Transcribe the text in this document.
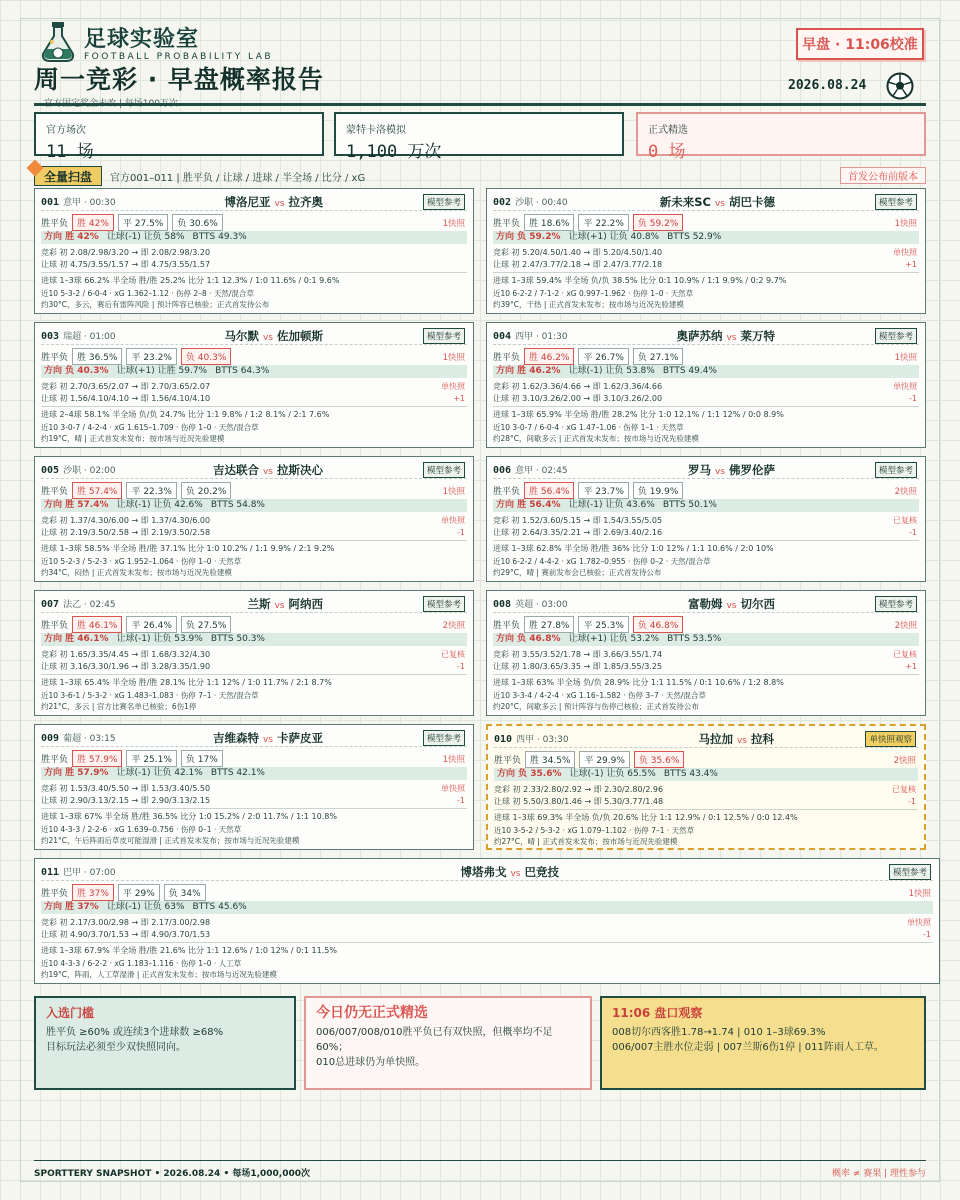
足球实验室
FOOTBALL PROBABILITY LAB
周一竞彩 · 早盘概率报告
早盘 · 11:06校准
2026.08.24
官方场次
11 场
蒙特卡洛模拟
1,100 万次
正式精选
0 场
全量扫盘 官方001–011 | 胜平负 / 让球 / 进球 / 半全场 / 比分 / xG	首发公布前版本
001 意甲 · 00:30	博洛尼亚 vs 拉齐奥	模型参考
胜平负	胜 42%	平 27.5%	负 30.6%	1快照
方向 胜 42% 让球(-1) 让负 58% BTTS 49.3%
竞彩 初 2.08/2.98/3.20 → 即 2.08/2.98/3.20
让球 初 4.75/3.55/1.57 → 即 4.75/3.55/1.57
进球 1–3球 66.2% 半全场 胜/胜 25.2% 比分 1:1 12.3% / 1:0 11.6% / 0:1 9.6%
近10 5-3-2 / 6-0-4 · xG 1.362–1.12 · 伤停 2–8 · 天然/混合草
约30°C，多云，赛后有雷阵风险 | 预计阵容已核验；正式首发待公布
002 沙职 · 00:40	新未来SC vs 胡巴卡德	模型参考
胜平负	胜 18.6%	平 22.2%	负 59.2%	1快照
方向 负 59.2% 让球(+1) 让负 40.8% BTTS 52.9%
竞彩 初 5.20/4.50/1.40 → 即 5.20/4.50/1.40
让球 初 2.47/3.77/2.18 → 即 2.47/3.77/2.18
单快照
+1
进球 1–3球 59.4% 半全场 负/负 38.5% 比分 0:1 10.9% / 1:1 9.9% / 0:2 9.7%
近10 6-2-2 / 7-1-2 · xG 0.997–1.962 · 伤停 1–0 · 天然草
约39°C，干热 | 正式首发未发布；按市场与近况先验建模
003 瑞超 · 01:00	马尔默 vs 佐加顿斯	模型参考
胜平负	胜 36.5%	平 23.2%	负 40.3%	1快照
方向 负 40.3% 让球(+1) 让胜 59.7% BTTS 64.3%
竞彩 初 2.70/3.65/2.07 → 即 2.70/3.65/2.07
让球 初 1.56/4.10/4.10 → 即 1.56/4.10/4.10
单快照
+1
进球 2–4球 58.1% 半全场 负/负 24.7% 比分 1:1 9.8% / 1:2 8.1% / 2:1 7.6%
近10 3-0-7 / 4-2-4 · xG 1.615–1.709 · 伤停 1–0 · 天然/混合草
约19°C，晴 | 正式首发未发布；按市场与近况先验建模
004 西甲 · 01:30	奥萨苏纳 vs 莱万特	模型参考
胜平负	胜 46.2%	平 26.7%	负 27.1%	1快照
方向 胜 46.2% 让球(-1) 让负 53.8% BTTS 49.4%
竞彩 初 1.62/3.36/4.66 → 即 1.62/3.36/4.66
让球 初 3.10/3.26/2.00 → 即 3.10/3.26/2.00
单快照
-1
进球 1–3球 65.9% 半全场 胜/胜 28.2% 比分 1:0 12.1% / 1:1 12% / 0:0 8.9%
近10 3-0-7 / 6-0-4 · xG 1.47–1.06 · 伤停 1–1 · 天然草
约28°C，间歇多云 | 正式首发未发布；按市场与近况先验建模
005 沙职 · 02:00	吉达联合 vs 拉斯决心	模型参考
胜平负	胜 57.4%	平 22.3%	负 20.2%	1快照
方向 胜 57.4% 让球(-1) 让负 42.6% BTTS 54.8%
竞彩 初 1.37/4.30/6.00 → 即 1.37/4.30/6.00
让球 初 2.19/3.50/2.58 → 即 2.19/3.50/2.58
单快照
-1
进球 1–3球 58.5% 半全场 胜/胜 37.1% 比分 1:0 10.2% / 1:1 9.9% / 2:1 9.2%
近10 5-2-3 / 5-2-3 · xG 1.952–1.064 · 伤停 1–0 · 天然草
约34°C，闷热 | 正式首发未发布；按市场与近况先验建模
006 意甲 · 02:45	罗马 vs 佛罗伦萨	模型参考
胜平负	胜 56.4%	平 23.7%	负 19.9%	2快照
方向 胜 56.4% 让球(-1) 让负 43.6% BTTS 50.1%
竞彩 初 1.52/3.60/5.15 → 即 1.54/3.55/5.05
让球 初 2.64/3.35/2.21 → 即 2.69/3.40/2.16
已复核
-1
进球 1–3球 62.8% 半全场 胜/胜 36% 比分 1:0 12% / 1:1 10.6% / 2:0 10%
近10 6-2-2 / 4-4-2 · xG 1.782–0.955 · 伤停 0–2 · 天然/混合草
约29°C，晴 | 赛前发布会已核验；正式首发待公布
007 法乙 · 02:45	兰斯 vs 阿纳西	模型参考
胜平负	胜 46.1%	平 26.4%	负 27.5%	2快照
方向 胜 46.1% 让球(-1) 让负 53.9% BTTS 50.3%
竞彩 初 1.65/3.35/4.45 → 即 1.68/3.32/4.30
让球 初 3.16/3.30/1.96 → 即 3.28/3.35/1.90
已复核
-1
进球 1–3球 65.4% 半全场 胜/胜 28.1% 比分 1:1 12% / 1:0 11.7% / 2:1 8.7%
近10 3-6-1 / 5-3-2 · xG 1.483–1.083 · 伤停 7–1 · 天然/混合草
约21°C，多云 | 官方比赛名单已核验；6伤1停
008 英超 · 03:00	富勒姆 vs 切尔西	模型参考
胜平负	胜 27.8%	平 25.3%	负 46.8%	2快照
方向 负 46.8% 让球(+1) 让负 53.2% BTTS 53.5%
竞彩 初 3.55/3.52/1.78 → 即 3.66/3.55/1.74
让球 初 1.80/3.65/3.35 → 即 1.85/3.55/3.25
已复核
+1
进球 1–3球 63% 半全场 负/负 28.9% 比分 1:1 11.5% / 0:1 10.6% / 1:2 8.8%
近10 3-3-4 / 4-2-4 · xG 1.16–1.582 · 伤停 3–7 · 天然/混合草
约20°C，间歇多云 | 预计阵容与伤停已核验；正式首发待公布
009 葡超 · 03:15	吉维森特 vs 卡萨皮亚	模型参考
胜平负	胜 57.9%	平 25.1%	负 17%	1快照
方向 胜 57.9% 让球(-1) 让负 42.1% BTTS 42.1%
竞彩 初 1.53/3.40/5.50 → 即 1.53/3.40/5.50
让球 初 2.90/3.13/2.15 → 即 2.90/3.13/2.15
单快照
-1
进球 1–3球 67% 半全场 胜/胜 36.5% 比分 1:0 15.2% / 2:0 11.7% / 1:1 10.8%
近10 4-3-3 / 2-2-6 · xG 1.639–0.756 · 伤停 0–1 · 天然草
约21°C，午后阵雨后草皮可能湿滑 | 正式首发未发布；按市场与近况先验建模
010 西甲 · 03:30	马拉加 vs 拉科	单快照观察
胜平负	胜 34.5%	平 29.9%	负 35.6%	2快照
方向 负 35.6% 让球(-1) 让负 65.5% BTTS 43.4%
竞彩 初 2.33/2.80/2.92 → 即 2.30/2.80/2.96
让球 初 5.50/3.80/1.46 → 即 5.30/3.77/1.48
已复核
-1
进球 1–3球 69.3% 半全场 负/负 20.6% 比分 1:1 12.9% / 0:1 12.5% / 0:0 12.4%
近10 3-5-2 / 5-3-2 · xG 1.079–1.102 · 伤停 7–1 · 天然草
约27°C，晴 | 正式首发未发布；按市场与近况先验建模
011 巴甲 · 07:00	博塔弗戈 vs 巴竞技	模型参考
胜平负	胜 37%	平 29%	负 34%	1快照
方向 胜 37% 让球(-1) 让负 63% BTTS 45.6%
竞彩 初 2.17/3.00/2.98 → 即 2.17/3.00/2.98
让球 初 4.90/3.70/1.53 → 即 4.90/3.70/1.53
单快照
-1
进球 1–3球 67.9% 半全场 胜/胜 21.6% 比分 1:1 12.6% / 1:0 12% / 0:1 11.5%
近10 4-3-3 / 6-2-2 · xG 1.183–1.116 · 伤停 1–0 · 人工草
约19°C，阵雨，人工草湿滑 | 正式首发未发布；按市场与近况先验建模
入选门槛
胜平负 ≥60% 或连续3个进球数 ≥68%
目标玩法必须至少双快照同向。
今日仍无正式精选
006/007/008/010胜平负已有双快照，但概率均不足60%；
010总进球仍为单快照。
11:06 盘口观察
008切尔西客胜1.78→1.74 | 010 1–3球69.3%
006/007主胜水位走弱 | 007兰斯6伤1停 | 011阵雨人工草。
SPORTTERY SNAPSHOT • 2026.08.24 • 每场1,000,000次	概率 ≠ 赛果 | 理性参与
